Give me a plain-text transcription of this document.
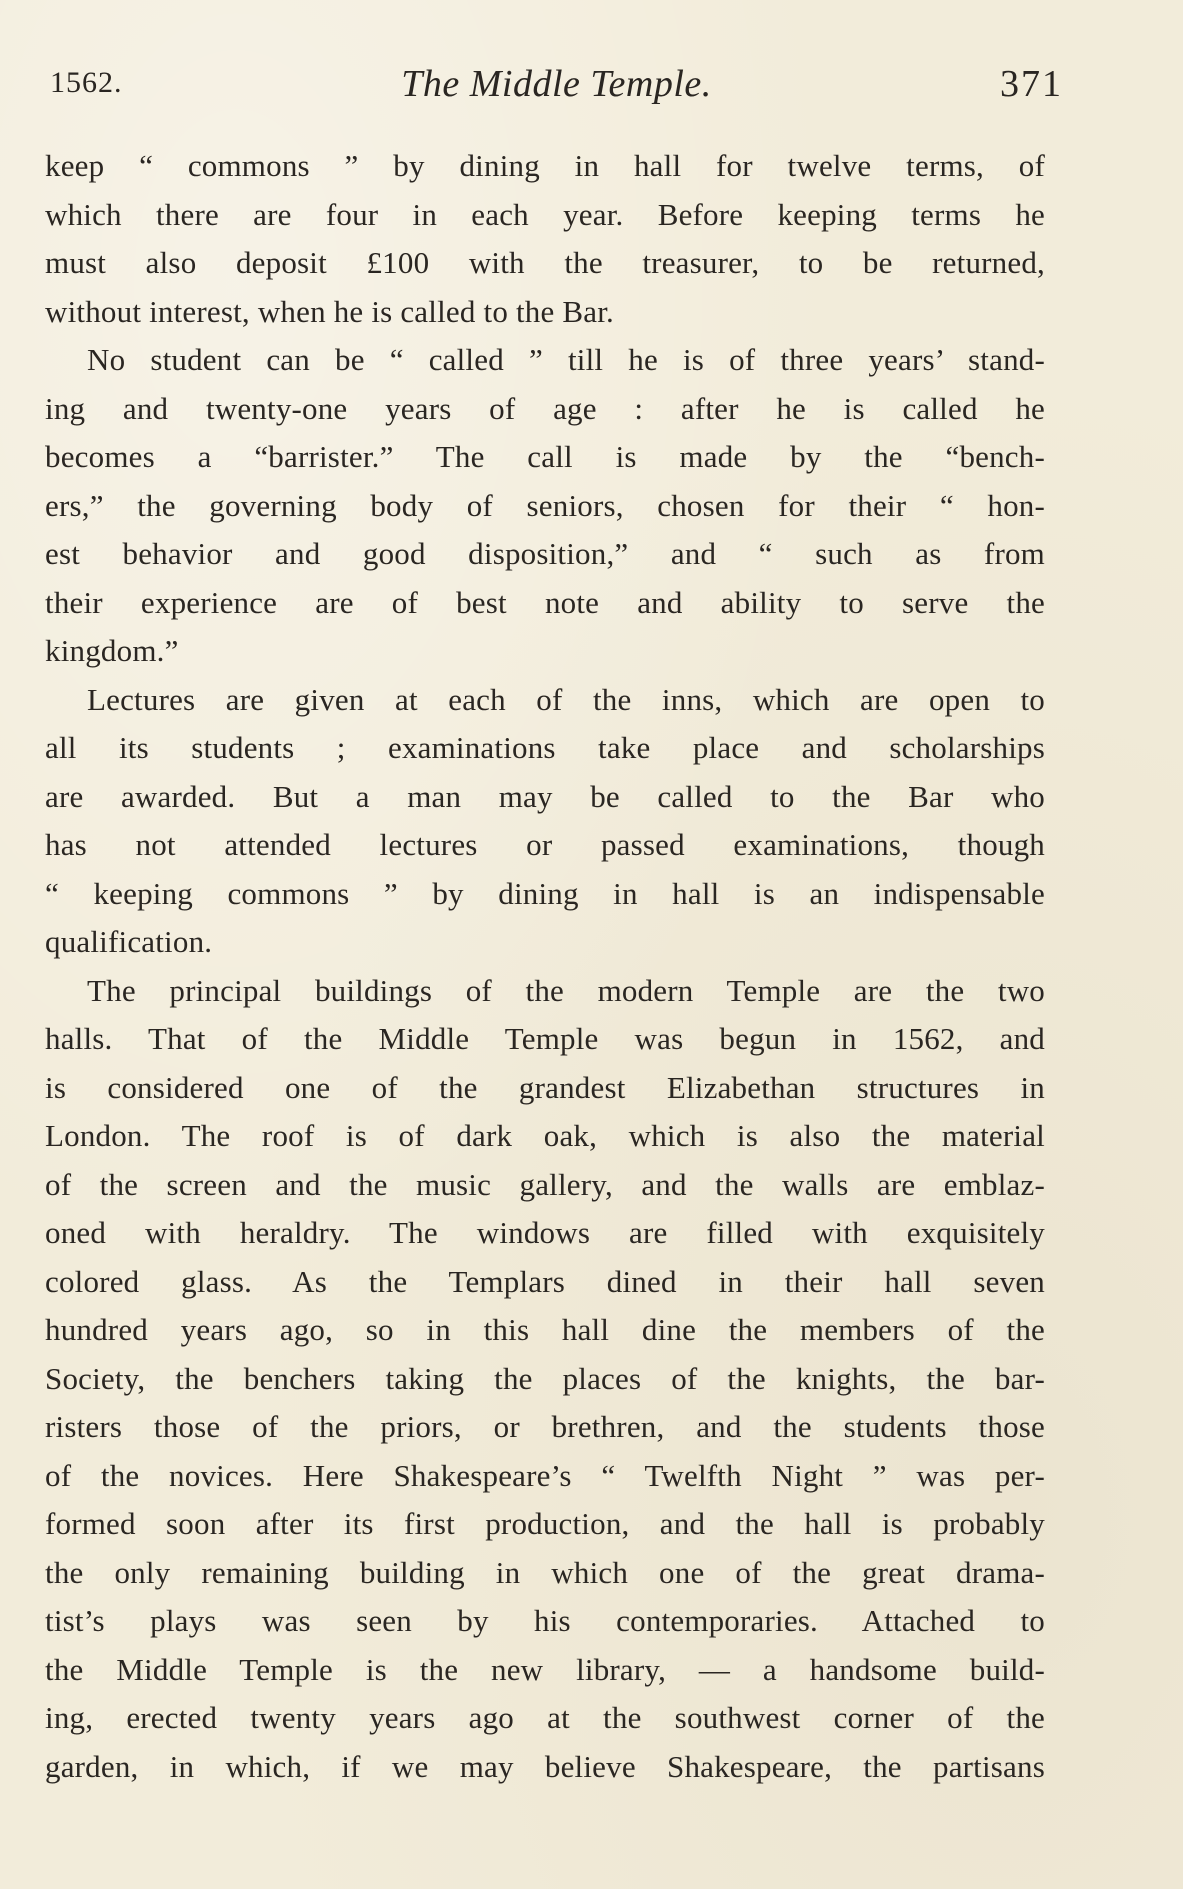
1562.	The Middle Temple.	371
keep “ commons ” by dining in hall for twelve terms, of
which there are four in each year. Before keeping terms he
must also deposit £100 with the treasurer, to be returned,
without interest, when he is called to the Bar.
No student can be “ called ” till he is of three years’ stand-
ing and twenty-one years of age : after he is called he
becomes a “barrister.” The call is made by the “bench-
ers,” the governing body of seniors, chosen for their “ hon-
est behavior and good disposition,” and “ such as from
their experience are of best note and ability to serve the
kingdom.”
Lectures are given at each of the inns, which are open to
all its students ; examinations take place and scholarships
are awarded. But a man may be called to the Bar who
has not attended lectures or passed examinations, though
“ keeping commons ” by dining in hall is an indispensable
qualification.
The principal buildings of the modern Temple are the two
halls. That of the Middle Temple was begun in 1562, and
is considered one of the grandest Elizabethan structures in
London. The roof is of dark oak, which is also the material
of the screen and the music gallery, and the walls are emblaz-
oned with heraldry. The windows are filled with exquisitely
colored glass. As the Templars dined in their hall seven
hundred years ago, so in this hall dine the members of the
Society, the benchers taking the places of the knights, the bar-
risters those of the priors, or brethren, and the students those
of the novices. Here Shakespeare’s “ Twelfth Night ” was per-
formed soon after its first production, and the hall is probably
the only remaining building in which one of the great drama-
tist’s plays was seen by his contemporaries. Attached to
the Middle Temple is the new library, — a handsome build-
ing, erected twenty years ago at the southwest corner of the
garden, in which, if we may believe Shakespeare, the partisans
